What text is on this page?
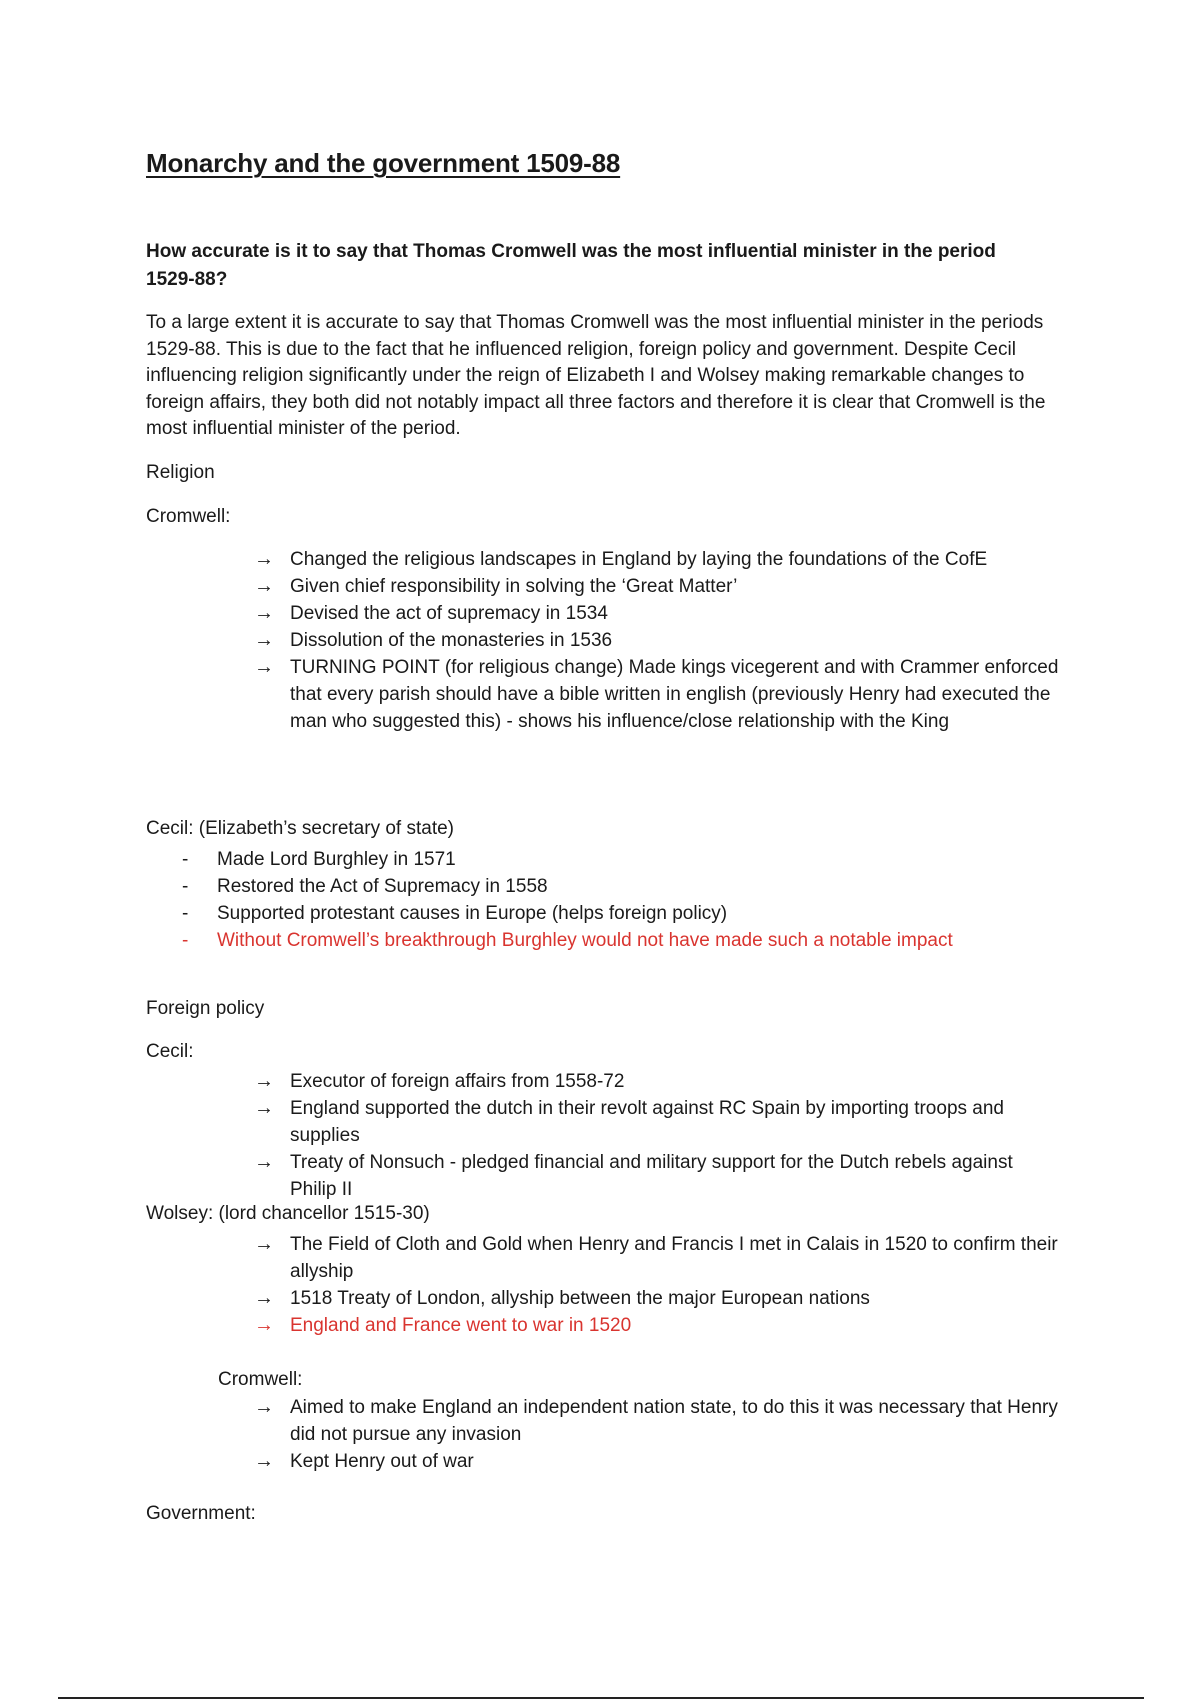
Monarchy and the government 1509-88
How accurate is it to say that Thomas Cromwell was the most influential minister in the period 1529-88?
To a large extent it is accurate to say that Thomas Cromwell was the most influential minister in the periods 1529-88. This is due to the fact that he influenced religion, foreign policy and government. Despite Cecil influencing religion significantly under the reign of Elizabeth I and Wolsey making remarkable changes to foreign affairs, they both did not notably impact all three factors and therefore it is clear that Cromwell is the most influential minister of the period.
Religion
Cromwell:
→ Changed the religious landscapes in England by laying the foundations of the CofE
→ Given chief responsibility in solving the ‘Great Matter’
→ Devised the act of supremacy in 1534
→ Dissolution of the monasteries in 1536
→ TURNING POINT (for religious change) Made kings vicegerent and with Crammer enforced that every parish should have a bible written in english (previously Henry had executed the man who suggested this) - shows his influence/close relationship with the King
Cecil: (Elizabeth’s secretary of state)
- Made Lord Burghley in 1571
- Restored the Act of Supremacy in 1558
- Supported protestant causes in Europe (helps foreign policy)
- Without Cromwell’s breakthrough Burghley would not have made such a notable impact
Foreign policy
Cecil:
→ Executor of foreign affairs from 1558-72
→ England supported the dutch in their revolt against RC Spain by importing troops and supplies
→ Treaty of Nonsuch - pledged financial and military support for the Dutch rebels against Philip II
Wolsey: (lord chancellor 1515-30)
→ The Field of Cloth and Gold when Henry and Francis I met in Calais in 1520 to confirm their allyship
→ 1518 Treaty of London, allyship between the major European nations
→ England and France went to war in 1520
Cromwell:
→ Aimed to make England an independent nation state, to do this it was necessary that Henry did not pursue any invasion
→ Kept Henry out of war
Government:
